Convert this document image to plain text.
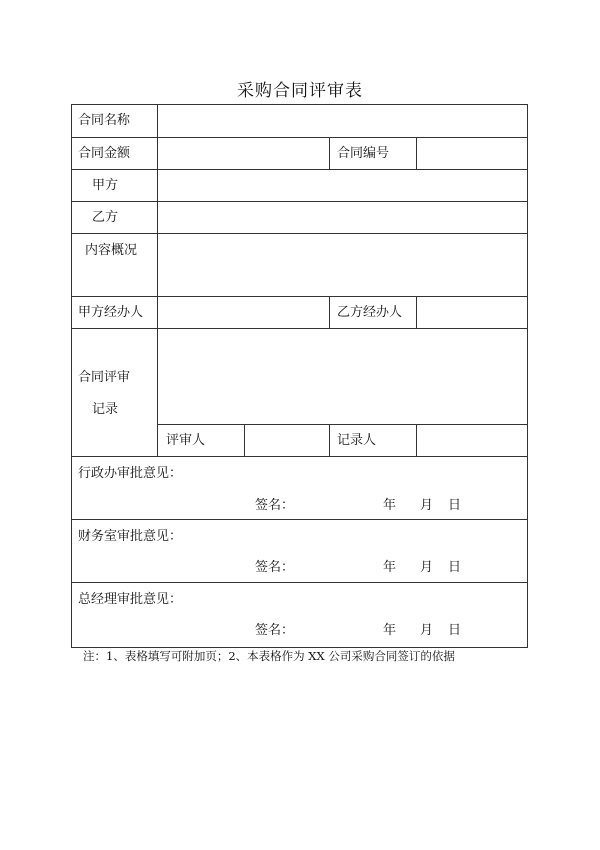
采购合同评审表
合同名称
合同金额	合同编号
甲方
乙方
内容概况
甲方经办人	乙方经办人
合同评审
记录
评审人	记录人
行政办审批意见：
签名：	年 月 日
财务室审批意见：
签名：	年 月 日
总经理审批意见：
签名：	年 月 日
注：1、表格填写可附加页；2、本表格作为 XX 公司采购合同签订的依据
